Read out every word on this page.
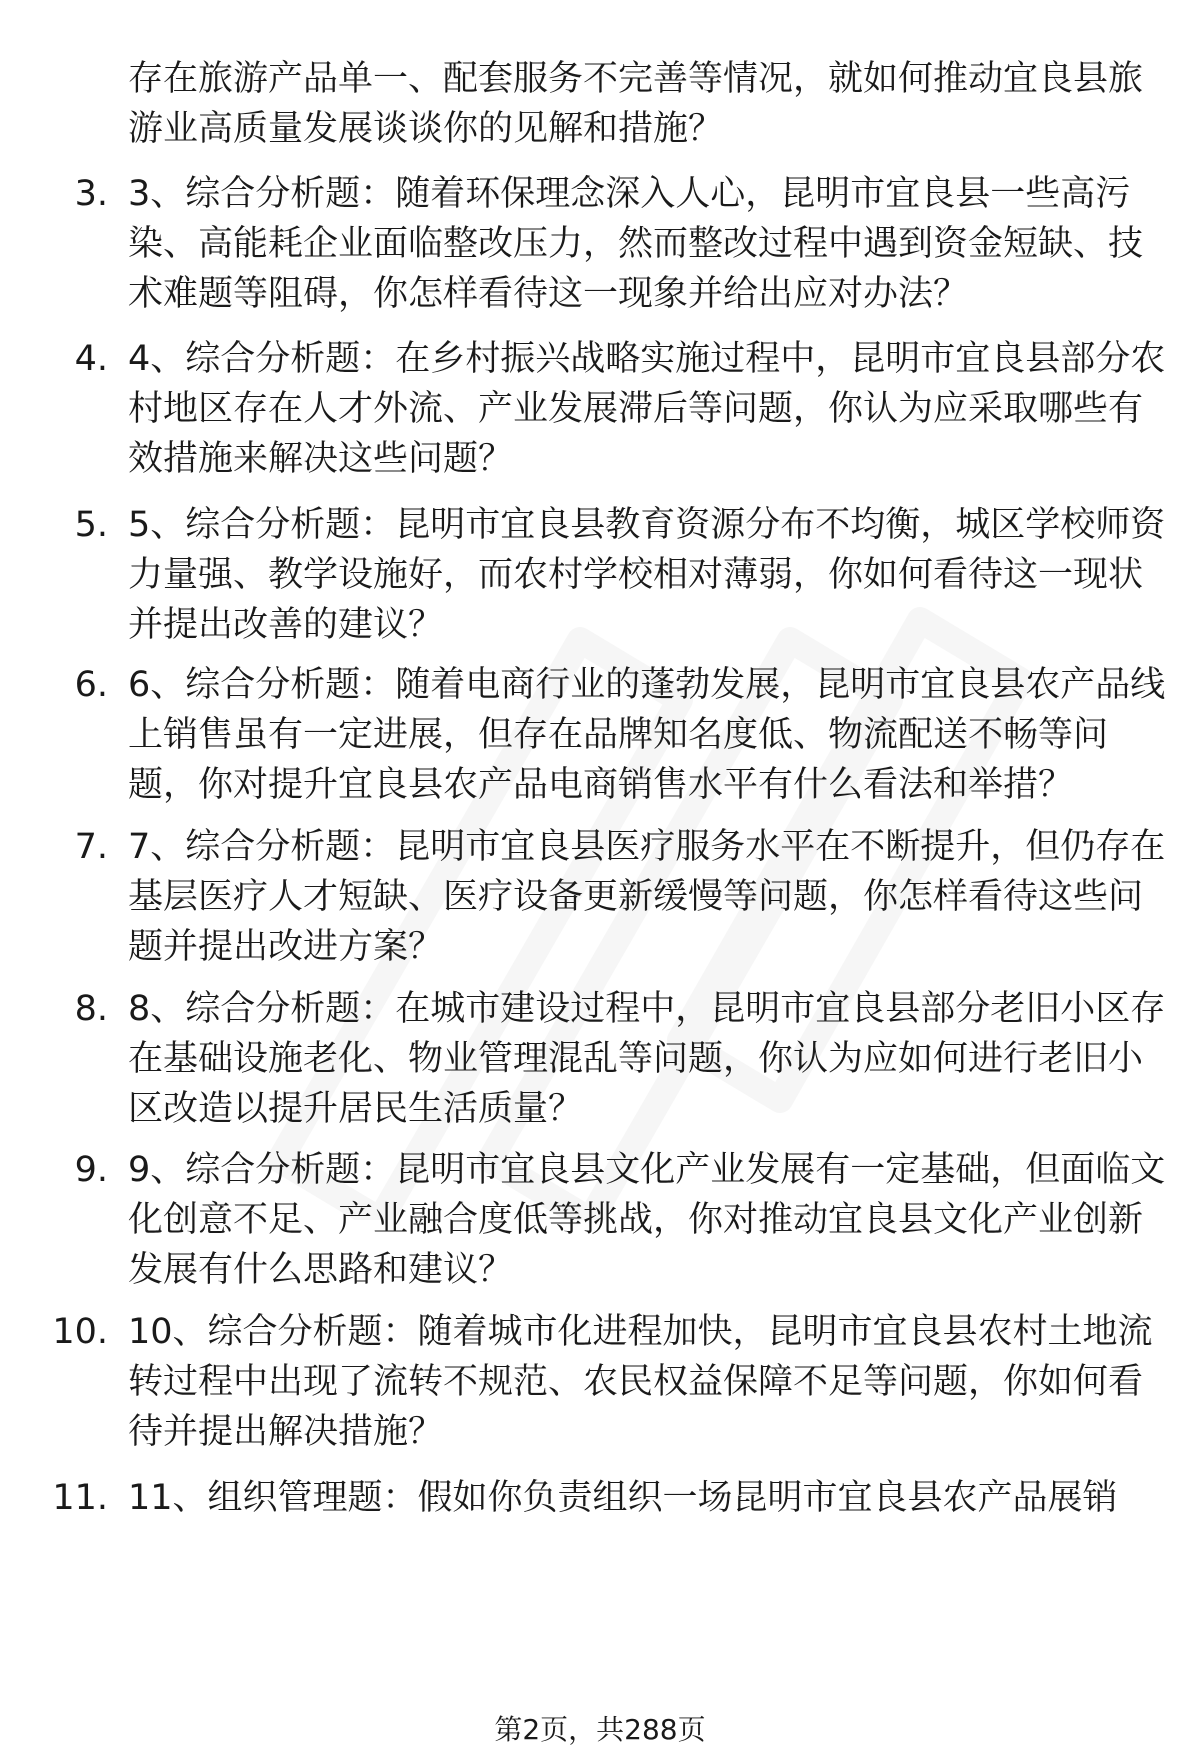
存在旅游产品单一、配套服务不完善等情况，就如何推动宜良县旅游业高质量发展谈谈你的见解和措施？
3. 3、综合分析题：随着环保理念深入人心，昆明市宜良县一些高污染、高能耗企业面临整改压力，然而整改过程中遇到资金短缺、技术难题等阻碍，你怎样看待这一现象并给出应对办法？
4. 4、综合分析题：在乡村振兴战略实施过程中，昆明市宜良县部分农村地区存在人才外流、产业发展滞后等问题，你认为应采取哪些有效措施来解决这些问题？
5. 5、综合分析题：昆明市宜良县教育资源分布不均衡，城区学校师资力量强、教学设施好，而农村学校相对薄弱，你如何看待这一现状并提出改善的建议？
6. 6、综合分析题：随着电商行业的蓬勃发展，昆明市宜良县农产品线上销售虽有一定进展，但存在品牌知名度低、物流配送不畅等问题，你对提升宜良县农产品电商销售水平有什么看法和举措？
7. 7、综合分析题：昆明市宜良县医疗服务水平在不断提升，但仍存在基层医疗人才短缺、医疗设备更新缓慢等问题，你怎样看待这些问题并提出改进方案？
8. 8、综合分析题：在城市建设过程中，昆明市宜良县部分老旧小区存在基础设施老化、物业管理混乱等问题，你认为应如何进行老旧小区改造以提升居民生活质量？
9. 9、综合分析题：昆明市宜良县文化产业发展有一定基础，但面临文化创意不足、产业融合度低等挑战，你对推动宜良县文化产业创新发展有什么思路和建议？
10. 10、综合分析题：随着城市化进程加快，昆明市宜良县农村土地流转过程中出现了流转不规范、农民权益保障不足等问题，你如何看待并提出解决措施？
11. 11、组织管理题：假如你负责组织一场昆明市宜良县农产品展销
第2页，共288页
